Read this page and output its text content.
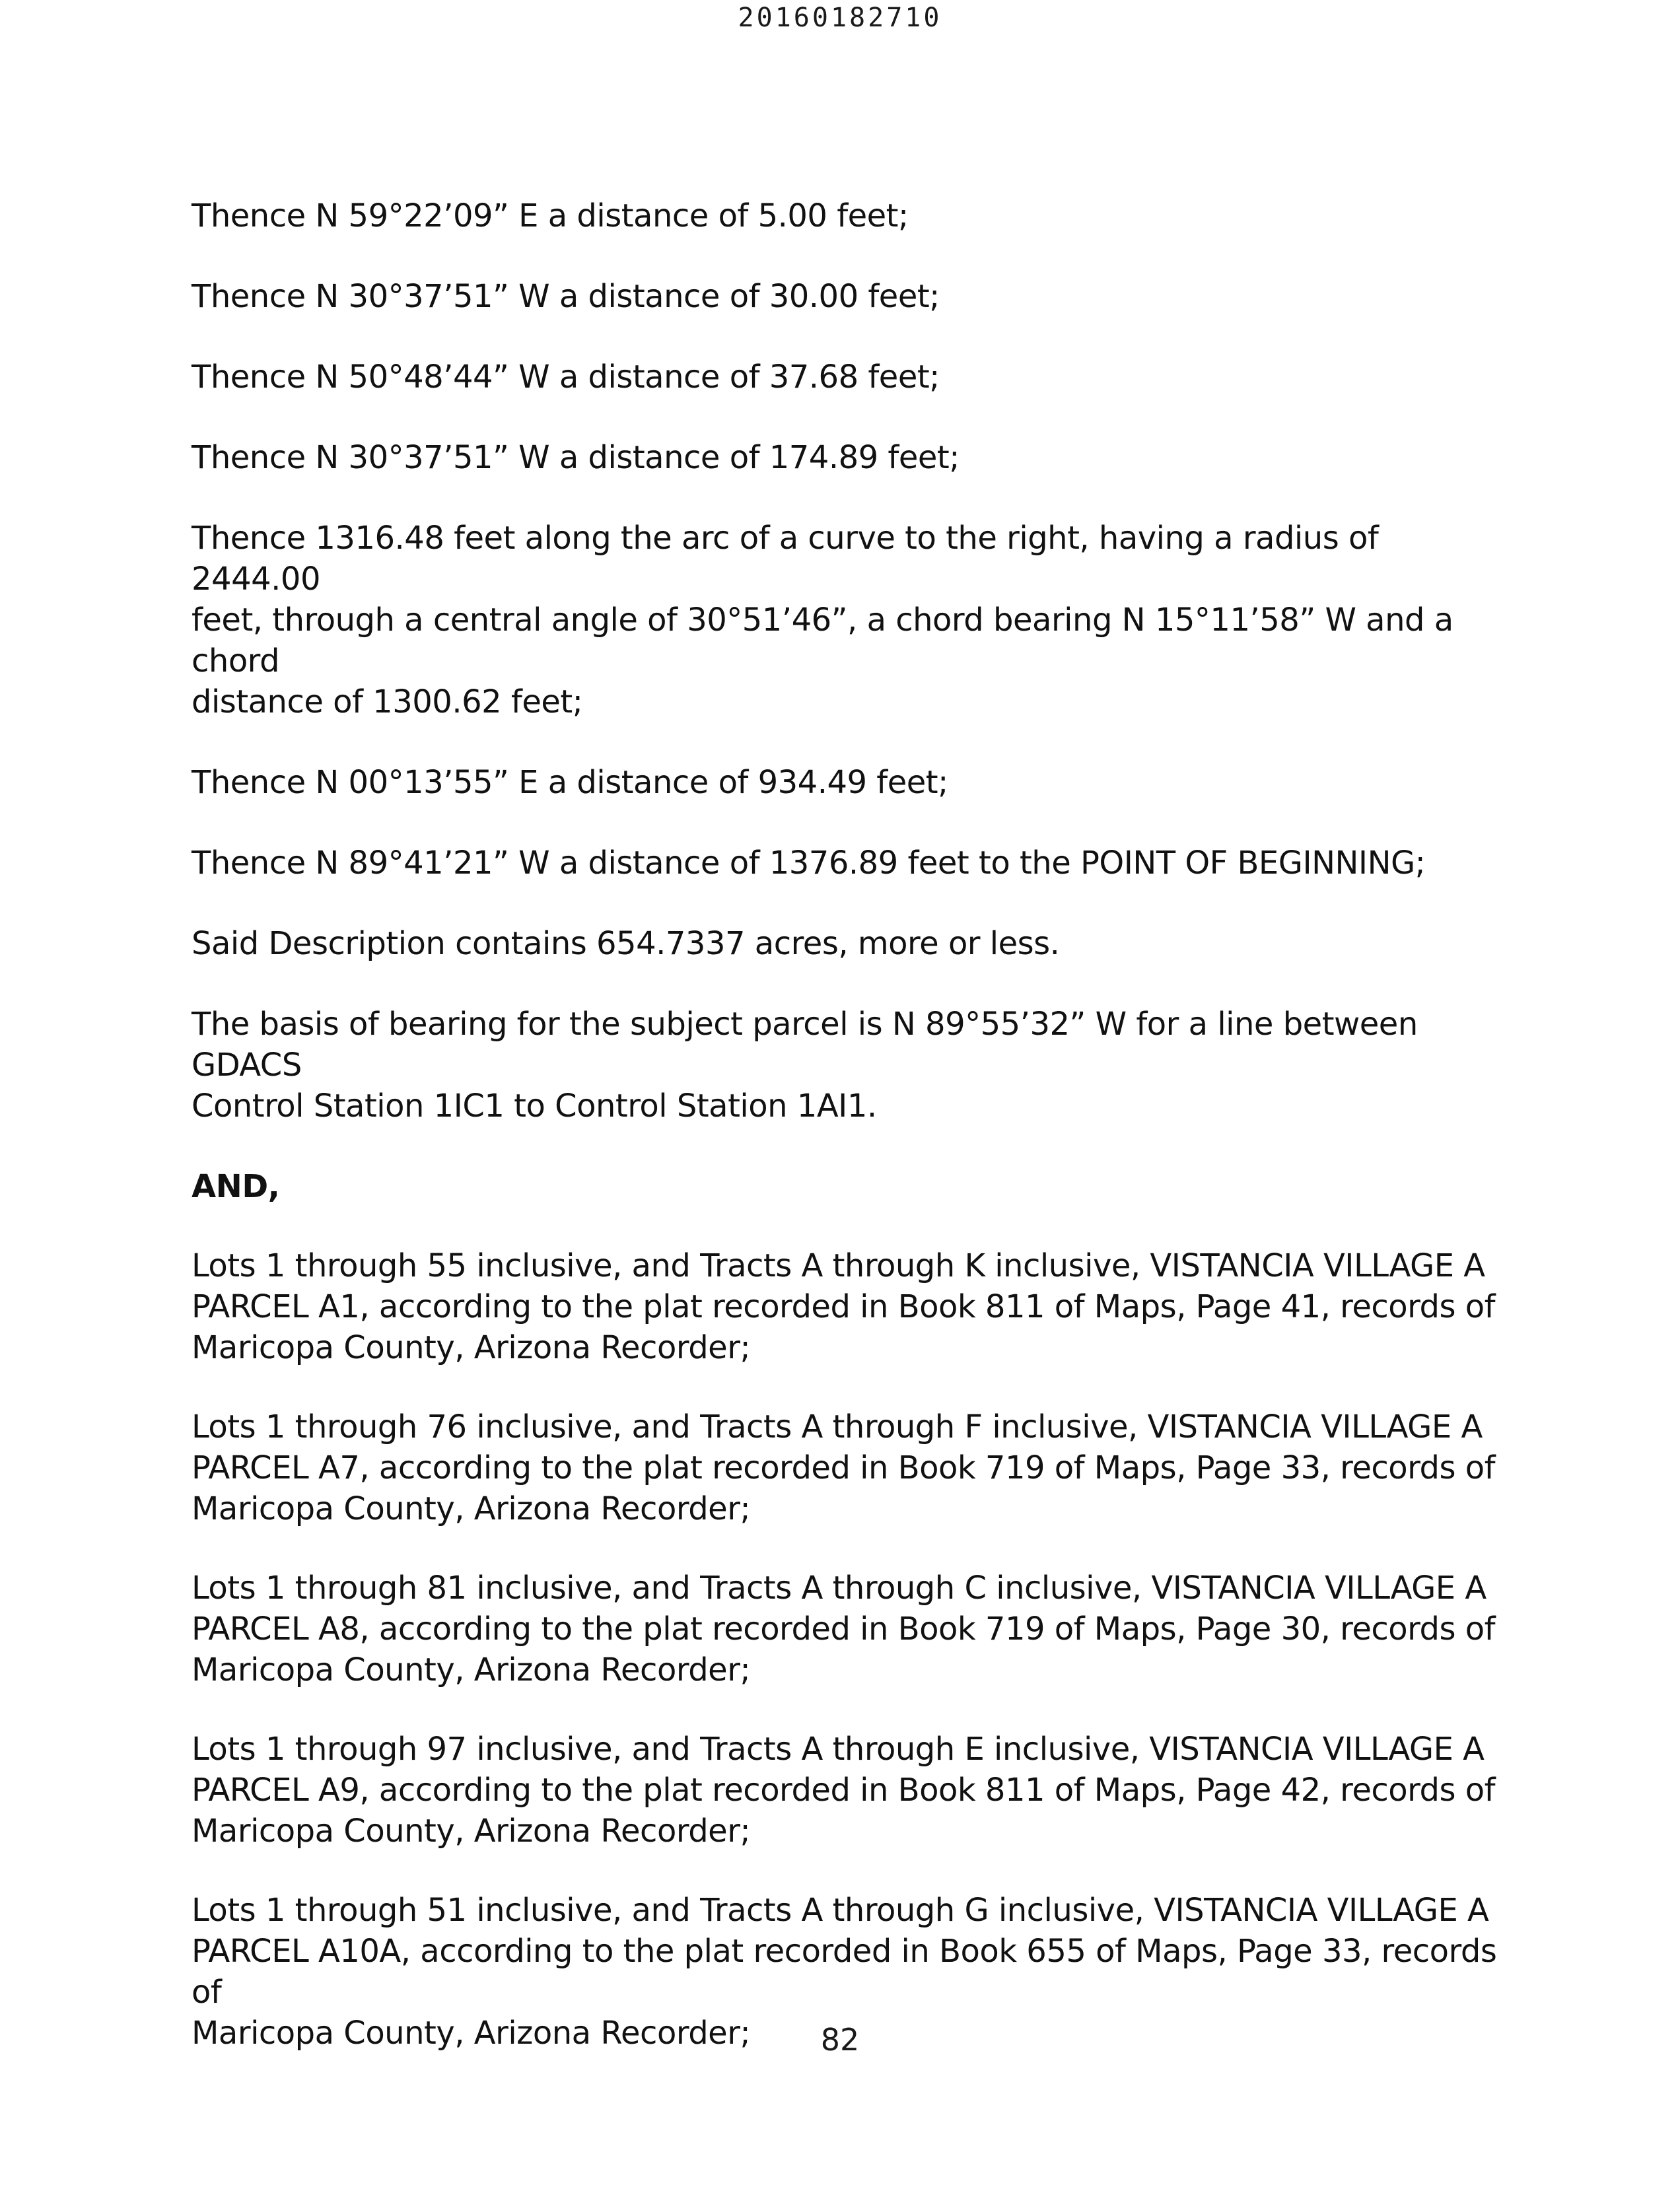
20160182710

Thence N 59°22’09” E a distance of 5.00 feet;

Thence N 30°37’51” W a distance of 30.00 feet;

Thence N 50°48’44” W a distance of 37.68 feet;

Thence N 30°37’51” W a distance of 174.89 feet;

Thence 1316.48 feet along the arc of a curve to the right, having a radius of 2444.00
feet, through a central angle of 30°51’46”, a chord bearing N 15°11’58” W and a chord
distance of 1300.62 feet;

Thence N 00°13’55” E a distance of 934.49 feet;

Thence N 89°41’21” W a distance of 1376.89 feet to the POINT OF BEGINNING;

Said Description contains 654.7337 acres, more or less.

The basis of bearing for the subject parcel is N 89°55’32” W for a line between GDACS
Control Station 1IC1 to Control Station 1AI1.

AND,

Lots 1 through 55 inclusive, and Tracts A through K inclusive, VISTANCIA VILLAGE A
PARCEL A1, according to the plat recorded in Book 811 of Maps, Page 41, records of
Maricopa County, Arizona Recorder;

Lots 1 through 76 inclusive, and Tracts A through F inclusive, VISTANCIA VILLAGE A
PARCEL A7, according to the plat recorded in Book 719 of Maps, Page 33, records of
Maricopa County, Arizona Recorder;

Lots 1 through 81 inclusive, and Tracts A through C inclusive, VISTANCIA VILLAGE A
PARCEL A8, according to the plat recorded in Book 719 of Maps, Page 30, records of
Maricopa County, Arizona Recorder;

Lots 1 through 97 inclusive, and Tracts A through E inclusive, VISTANCIA VILLAGE A
PARCEL A9, according to the plat recorded in Book 811 of Maps, Page 42, records of
Maricopa County, Arizona Recorder;

Lots 1 through 51 inclusive, and Tracts A through G inclusive, VISTANCIA VILLAGE A
PARCEL A10A, according to the plat recorded in Book 655 of Maps, Page 33, records of
Maricopa County, Arizona Recorder;	82
